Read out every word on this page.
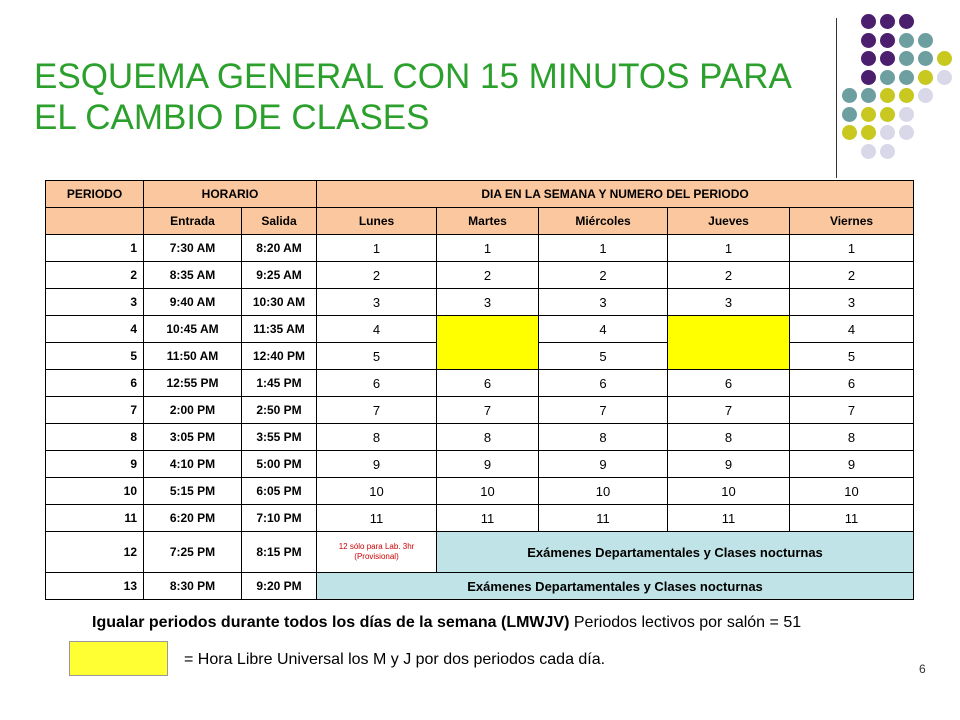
ESQUEMA GENERAL CON 15 MINUTOS PARA EL CAMBIO DE CLASES
PERIODO	HORARIO		DIA EN LA SEMANA Y NUMERO DEL PERIODO				
	Entrada	Salida	Lunes	Martes	Miércoles	Jueves	Viernes
1	7:30 AM	8:20 AM	1	1	1	1	1
2	8:35 AM	9:25 AM	2	2	2	2	2
3	9:40 AM	10:30 AM	3	3	3	3	3
4	10:45 AM	11:35 AM	4		4		4
5	11:50 AM	12:40 PM	5		5		5
6	12:55 PM	1:45 PM	6	6	6	6	6
7	2:00 PM	2:50 PM	7	7	7	7	7
8	3:05 PM	3:55 PM	8	8	8	8	8
9	4:10 PM	5:00 PM	9	9	9	9	9
10	5:15 PM	6:05 PM	10	10	10	10	10
11	6:20 PM	7:10 PM	11	11	11	11	11
12	7:25 PM	8:15 PM	12 sólo para Lab. 3hr (Provisional)	Exámenes Departamentales y Clases nocturnas			
13	8:30 PM	9:20 PM	Exámenes Departamentales y Clases nocturnas				
Igualar periodos durante todos los días de la semana (LMWJV) Periodos lectivos por salón = 51
= Hora Libre Universal los M y J por dos periodos cada día.
6
